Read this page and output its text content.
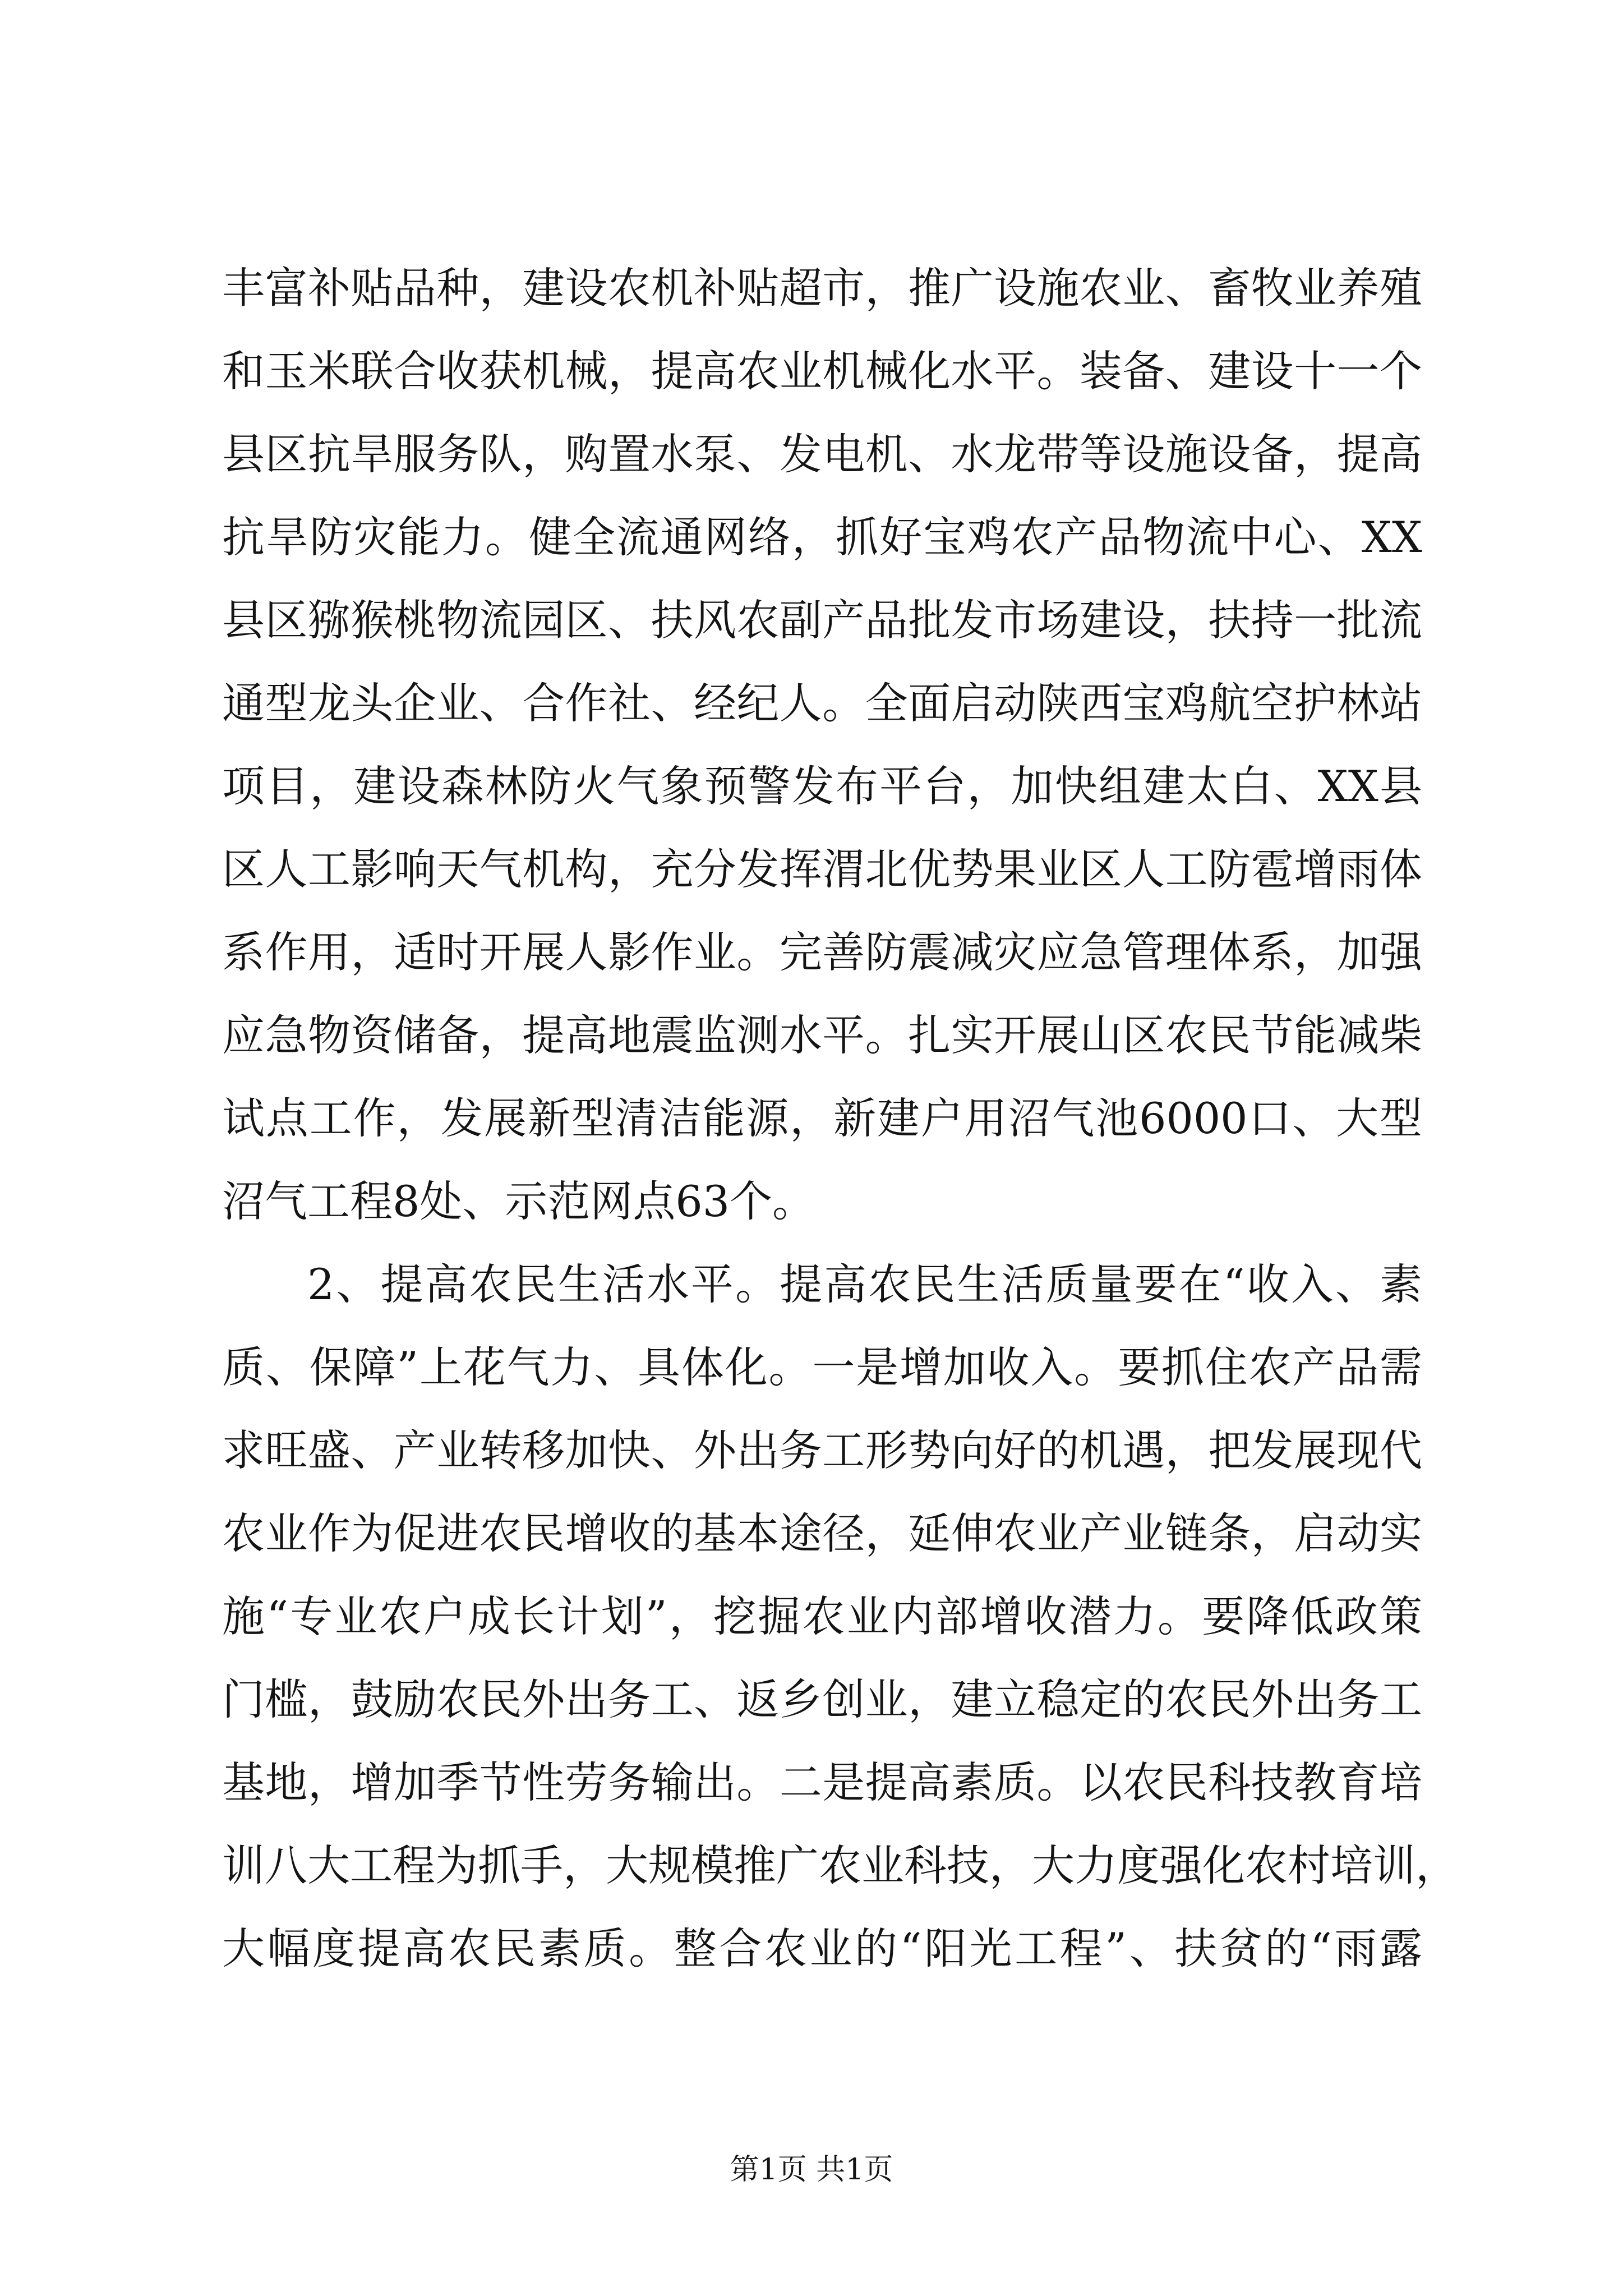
丰富补贴品种，建设农机补贴超市，推广设施农业、畜牧业养殖
和玉米联合收获机械，提高农业机械化水平。装备、建设十一个
县区抗旱服务队，购置水泵、发电机、水龙带等设施设备，提高
抗旱防灾能力。健全流通网络，抓好宝鸡农产品物流中心、XX
县区猕猴桃物流园区、扶风农副产品批发市场建设，扶持一批流
通型龙头企业、合作社、经纪人。全面启动陕西宝鸡航空护林站
项目，建设森林防火气象预警发布平台，加快组建太白、XX县
区人工影响天气机构，充分发挥渭北优势果业区人工防雹增雨体
系作用，适时开展人影作业。完善防震减灾应急管理体系，加强
应急物资储备，提高地震监测水平。扎实开展山区农民节能减柴
试点工作，发展新型清洁能源，新建户用沼气池6000口、大型
沼气工程8处、示范网点63个。
2、提高农民生活水平。提高农民生活质量要在“收入、素
质、保障”上花气力、具体化。一是增加收入。要抓住农产品需
求旺盛、产业转移加快、外出务工形势向好的机遇，把发展现代
农业作为促进农民增收的基本途径，延伸农业产业链条，启动实
施“专业农户成长计划”，挖掘农业内部增收潜力。要降低政策
门槛，鼓励农民外出务工、返乡创业，建立稳定的农民外出务工
基地，增加季节性劳务输出。二是提高素质。以农民科技教育培
训八大工程为抓手，大规模推广农业科技，大力度强化农村培训，
大幅度提高农民素质。整合农业的“阳光工程”、扶贫的“雨露
第1页 共1页
